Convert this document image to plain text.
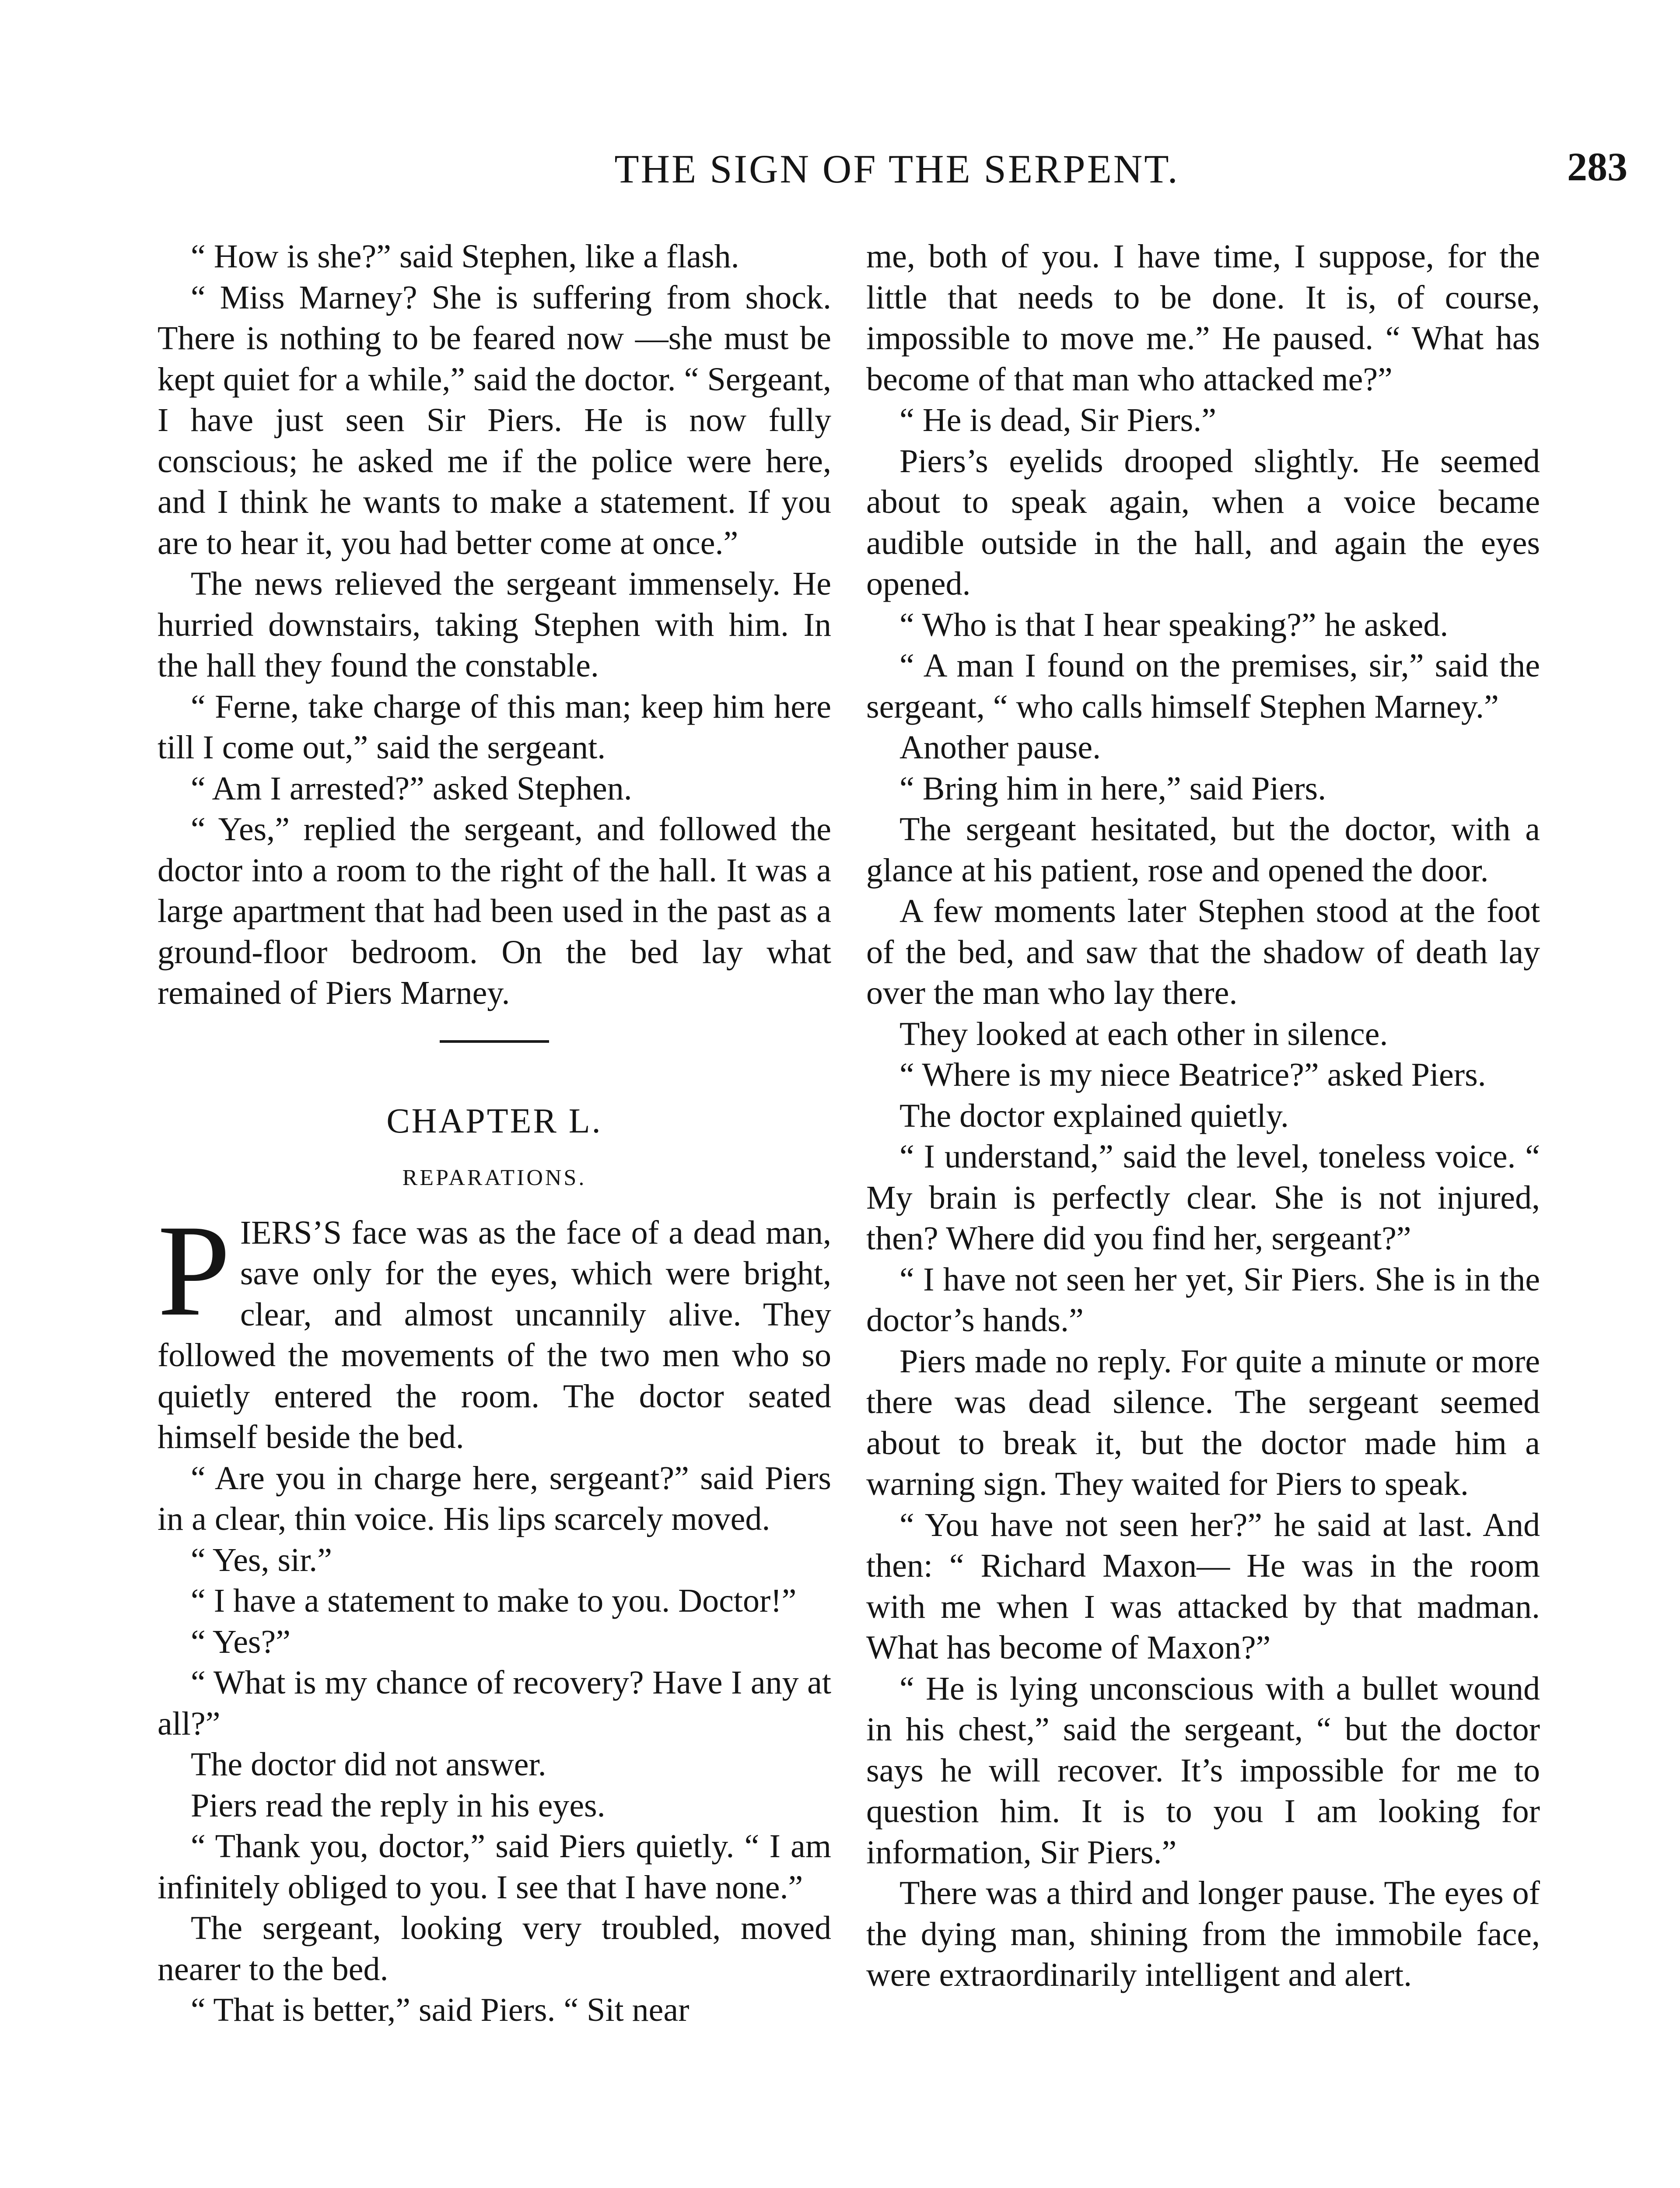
THE SIGN OF THE SERPENT.	283

“ How is she?” said Stephen, like a flash.

“ Miss Marney? She is suffering from shock. There is nothing to be feared now —she must be kept quiet for a while,” said the doctor. “ Sergeant, I have just seen Sir Piers. He is now fully conscious; he asked me if the police were here, and I think he wants to make a statement. If you are to hear it, you had better come at once.”

The news relieved the sergeant immensely. He hurried downstairs, taking Stephen with him. In the hall they found the constable.

“ Ferne, take charge of this man; keep him here till I come out,” said the sergeant.

“ Am I arrested?” asked Stephen.

“ Yes,” replied the sergeant, and followed the doctor into a room to the right of the hall. It was a large apartment that had been used in the past as a ground-floor bedroom. On the bed lay what remained of Piers Marney.

CHAPTER L.
REPARATIONS.

PIERS’S face was as the face of a dead man, save only for the eyes, which were bright, clear, and almost uncannily alive. They followed the movements of the two men who so quietly entered the room. The doctor seated himself beside the bed.

“ Are you in charge here, sergeant?” said Piers in a clear, thin voice. His lips scarcely moved.

“ Yes, sir.”

“ I have a statement to make to you. Doctor!”

“ Yes?”

“ What is my chance of recovery? Have I any at all?”

The doctor did not answer.

Piers read the reply in his eyes.

“ Thank you, doctor,” said Piers quietly. “ I am infinitely obliged to you. I see that I have none.”

The sergeant, looking very troubled, moved nearer to the bed.

“ That is better,” said Piers. “ Sit near

me, both of you. I have time, I suppose, for the little that needs to be done. It is, of course, impossible to move me.” He paused. “ What has become of that man who attacked me?”

“ He is dead, Sir Piers.”

Piers’s eyelids drooped slightly. He seemed about to speak again, when a voice became audible outside in the hall, and again the eyes opened.

“ Who is that I hear speaking?” he asked.

“ A man I found on the premises, sir,” said the sergeant, “ who calls himself Stephen Marney.”

Another pause.

“ Bring him in here,” said Piers.

The sergeant hesitated, but the doctor, with a glance at his patient, rose and opened the door.

A few moments later Stephen stood at the foot of the bed, and saw that the shadow of death lay over the man who lay there.

They looked at each other in silence.

“ Where is my niece Beatrice?” asked Piers.

The doctor explained quietly.

“ I understand,” said the level, toneless voice. “ My brain is perfectly clear. She is not injured, then? Where did you find her, sergeant?”

“ I have not seen her yet, Sir Piers. She is in the doctor’s hands.”

Piers made no reply. For quite a minute or more there was dead silence. The sergeant seemed about to break it, but the doctor made him a warning sign. They waited for Piers to speak.

“ You have not seen her?” he said at last. And then: “ Richard Maxon— He was in the room with me when I was attacked by that madman. What has become of Maxon?”

“ He is lying unconscious with a bullet wound in his chest,” said the sergeant, “ but the doctor says he will recover. It’s impossible for me to question him. It is to you I am looking for information, Sir Piers.”

There was a third and longer pause. The eyes of the dying man, shining from the immobile face, were extraordinarily intelligent and alert.
